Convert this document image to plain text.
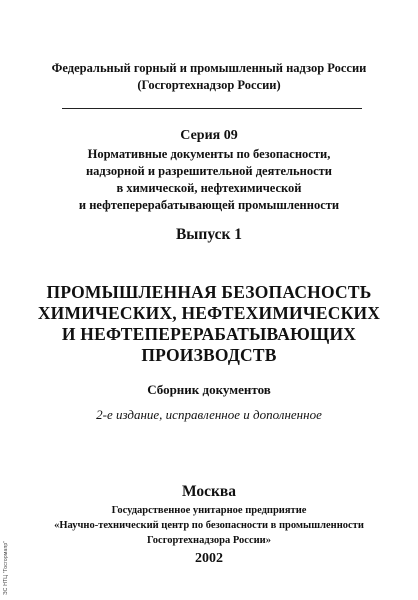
Федеральный горный и промышленный надзор России
(Госгортехнадзор России)
Серия 09
Нормативные документы по безопасности,
надзорной и разрешительной деятельности
в химической, нефтехимической
и нефтеперерабатывающей промышленности
Выпуск 1
ПРОМЫШЛЕННАЯ БЕЗОПАСНОСТЬ
ХИМИЧЕСКИХ, НЕФТЕХИМИЧЕСКИХ
И НЕФТЕПЕРЕРАБАТЫВАЮЩИХ
ПРОИЗВОДСТВ
Сборник документов
2-е издание, исправленное и дополненное
Москва
Государственное унитарное предприятие
«Научно-технический центр по безопасности в промышленности
Госгортехнадзора России»
2002
ЭС НТЦ "Госгормапр"
